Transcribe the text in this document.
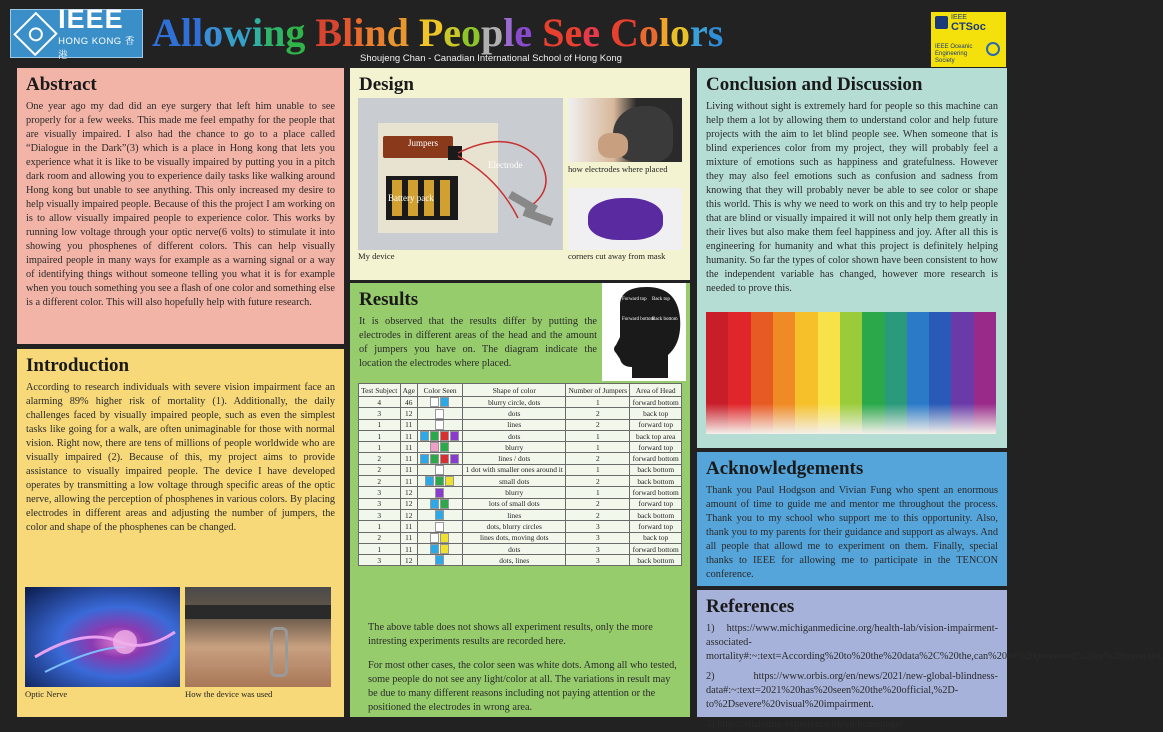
IEEE
HONG KONG 香港
Allowing Blind People See Colors
Shoujeng Chan - Canadian International School of Hong Kong
IEEE
CTSoc
IEEE Oceanic Engineering Society
Abstract

One year ago my dad did an eye surgery that left him unable to see properly for a few weeks. This made me feel empathy for the people that are visually impaired. I also had the chance to go to a place called “Dialogue in the Dark”(3) which is a place in Hong kong that lets you experience what it is like to be visually impaired by putting you in a pitch dark room and allowing you to experience daily tasks like walking around Hong kong but unable to see anything. This only increased my desire to help visually impaired people. Because of this the project I am working on is to allow visually impaired people to experience color. This works by running low voltage through your optic nerve(6 volts) to stimulate it into showing you phosphenes of different colors. This can help visually impaired people in many ways for example as a warning signal or a way of identifying things without someone telling you what it is for example when you touch something you see a flash of one color and something else is a different color. This will also hopefully help with future research.

Introduction

According to research individuals with severe vision impairment face an alarming 89% higher risk of mortality (1). Additionally, the daily challenges faced by visually impaired people, such as even the simplest tasks like going for a walk, are often unimaginable for those with normal vision. Right now, there are tens of millions of people worldwide who are visually impaired (2). Because of this, my project aims to provide assistance to visually impaired people. The device I have developed operates by transmitting a low voltage through specific areas of the optic nerve, allowing the perception of phosphenes in various colors. By placing electrodes in different areas and adjusting the number of jumpers, the color and shape of the phosphenes can be changed.

Optic Nerve	How the device was used
Design
Jumpers
Electrode
Battery pack
My device
how electrodes where placed
corners cut away from mask
Results

It is observed that the results differ by putting the electrodes in different areas of the head and the amount of jumpers you have on. The diagram indicate the location the electrodes where placed.

Forward top Back top
Forward bottom
Back bottom
Test Subject	Age	Color Seen	Shape of color	Number of Jumpers	Area of Head
4	46		blurry circle, dots	1	forward bottom
3	12		dots	2	back top
1	11		lines	2	forward top
1	11		dots	1	back top area
1	11		blurry	1	forward top
2	11		lines / dots	2	forward bottom
2	11		1 dot with smaller ones around it	1	back bottom
2	11		small dots	2	back bottom
3	12		blurry	1	forward bottom
3	12		lots of small dots	2	forward top
3	12		lines	2	back bottom
1	11		dots, blurry circles	3	forward top
2	11		lines dots, moving dots	3	back top
1	11		dots	3	forward bottom
3	12		dots, lines	3	back bottom

The above table does not shows all experiment results, only the more intresting experiments results are recorded here.

For most other cases, the color seen was white dots. Among all who tested, some people do not see any light/color at all. The variations in result may be due to many different reasons including not paying attention or the positioned the electrodes in wrong area.

Conclusion and Discussion

Living without sight is extremely hard for people so this machine can help them a lot by allowing them to understand color and help future projects with the aim to let blind people see. When someone that is blind experiences color from my project, they will probably feel a mixture of emotions such as happiness and gratefulness. However they may also feel emotions such as confusion and sadness from knowing that they will probably never be able to see color or shape this world. This is why we need to work on this and try to help people that are blind or visually impaired it will not only help them greatly in their lives but also make them feel happiness and joy. After all this is engineering for humanity and what this project is definitely helping humanity. So far the types of color shown have been consistent to how the independent variable has changed, however more research is needed to prove this.

Acknowledgements

Thank you Paul Hodgson and Vivian Fung who spent an enormous amount of time to guide me and mentor me throughout the process. Thank you to my school who support me to this opportunity. Also, thank you to my parents for their guidance and support as always. And all people that allowd me to experiment on them. Finally, special thanks to IEEE for allowing me to participate in the TENCON conference.

References

1) https://www.michiganmedicine.org/health-lab/vision-impairment-associated-mortality#:~:text=According%20to%20the%20data%2C%20the,can%20be%20prevented%20or%20corrected.

2) https://www.orbis.org/en/news/2021/new-global-blindness-data#:~:text=2021%20has%20seen%20the%20official,%2D-to%2Dsevere%20visual%20impairment.

3) https://dialogue-experience.hk/en/homepage/
